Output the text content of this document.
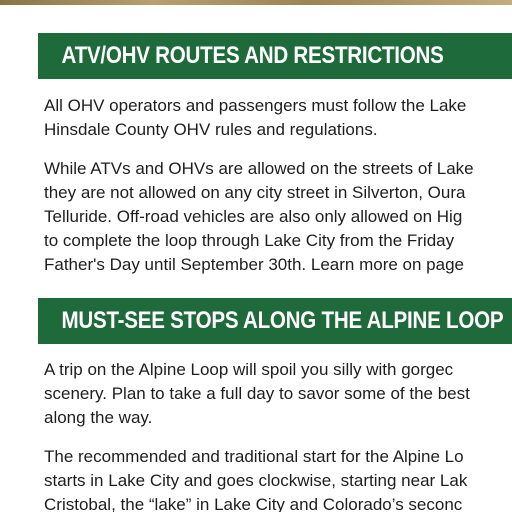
ATV/OHV ROUTES AND RESTRICTIONS
All OHV operators and passengers must follow the Lake
Hinsdale County OHV rules and regulations.
While ATVs and OHVs are allowed on the streets of Lake
they are not allowed on any city street in Silverton, Oura
Telluride. Off-road vehicles are also only allowed on Hig
to complete the loop through Lake City from the Friday
Father's Day until September 30th. Learn more on page
MUST-SEE STOPS ALONG THE ALPINE LOOP
A trip on the Alpine Loop will spoil you silly with gorgec
scenery. Plan to take a full day to savor some of the best
along the way.
The recommended and traditional start for the Alpine Lo
starts in Lake City and goes clockwise, starting near Lak
Cristobal, the “lake” in Lake City and Colorado’s seconc
